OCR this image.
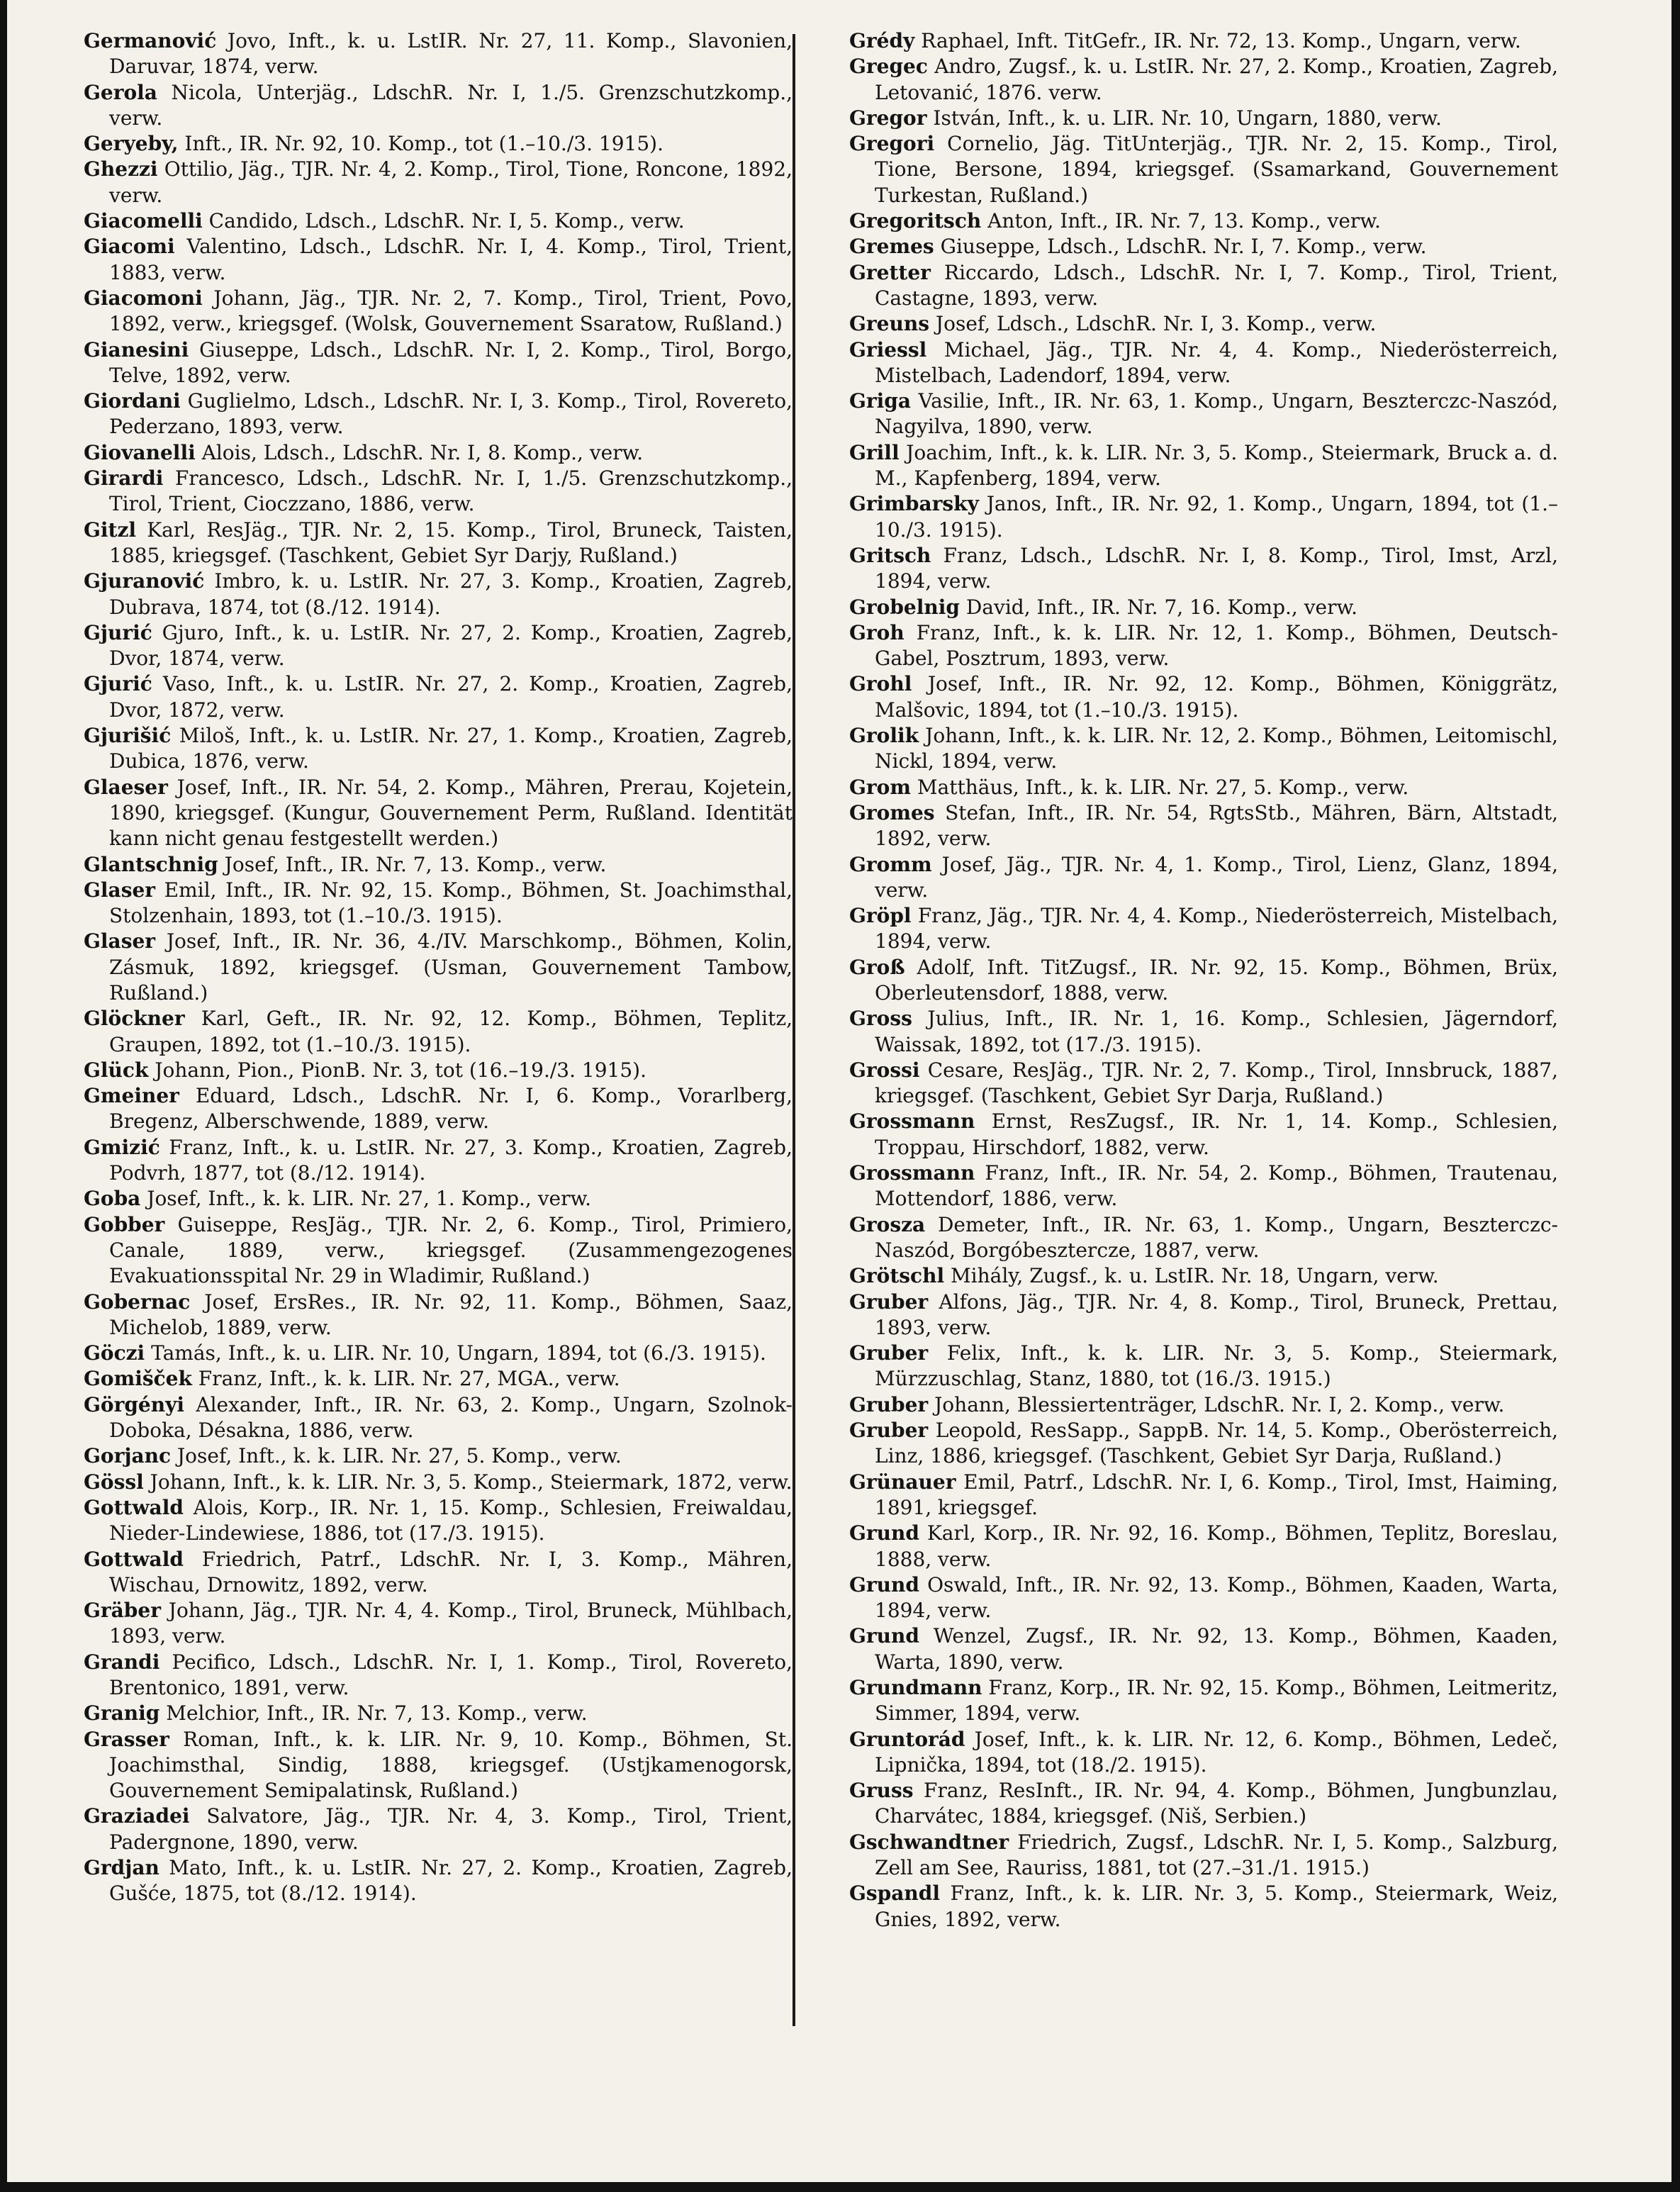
Germanović Jovo, Inft., k. u. LstIR. Nr. 27, 11. Komp., Slavonien, Daruvar, 1874, verw.

Gerola Nicola, Unterjäg., LdschR. Nr. I, 1./5. Grenzschutzkomp., verw.

Geryeby, Inft., IR. Nr. 92, 10. Komp., tot (1.–10./3. 1915).

Ghezzi Ottilio, Jäg., TJR. Nr. 4, 2. Komp., Tirol, Tione, Roncone, 1892, verw.

Giacomelli Candido, Ldsch., LdschR. Nr. I, 5. Komp., verw.

Giacomi Valentino, Ldsch., LdschR. Nr. I, 4. Komp., Tirol, Trient, 1883, verw.

Giacomoni Johann, Jäg., TJR. Nr. 2, 7. Komp., Tirol, Trient, Povo, 1892, verw., kriegsgef. (Wolsk, Gouvernement Ssaratow, Rußland.)

Gianesini Giuseppe, Ldsch., LdschR. Nr. I, 2. Komp., Tirol, Borgo, Telve, 1892, verw.

Giordani Guglielmo, Ldsch., LdschR. Nr. I, 3. Komp., Tirol, Rovereto, Pederzano, 1893, verw.

Giovanelli Alois, Ldsch., LdschR. Nr. I, 8. Komp., verw.

Girardi Francesco, Ldsch., LdschR. Nr. I, 1./5. Grenzschutzkomp., Tirol, Trient, Cioczzano, 1886, verw.

Gitzl Karl, ResJäg., TJR. Nr. 2, 15. Komp., Tirol, Bruneck, Taisten, 1885, kriegsgef. (Taschkent, Gebiet Syr Darjy, Rußland.)

Gjuranović Imbro, k. u. LstIR. Nr. 27, 3. Komp., Kroatien, Zagreb, Dubrava, 1874, tot (8./12. 1914).

Gjurić Gjuro, Inft., k. u. LstIR. Nr. 27, 2. Komp., Kroatien, Zagreb, Dvor, 1874, verw.

Gjurić Vaso, Inft., k. u. LstIR. Nr. 27, 2. Komp., Kroatien, Zagreb, Dvor, 1872, verw.

Gjurišić Miloš, Inft., k. u. LstIR. Nr. 27, 1. Komp., Kroatien, Zagreb, Dubica, 1876, verw.

Glaeser Josef, Inft., IR. Nr. 54, 2. Komp., Mähren, Prerau, Kojetein, 1890, kriegsgef. (Kungur, Gouvernement Perm, Rußland. Identität kann nicht genau festgestellt werden.)

Glantschnig Josef, Inft., IR. Nr. 7, 13. Komp., verw.

Glaser Emil, Inft., IR. Nr. 92, 15. Komp., Böhmen, St. Joachimsthal, Stolzenhain, 1893, tot (1.–10./3. 1915).

Glaser Josef, Inft., IR. Nr. 36, 4./IV. Marschkomp., Böhmen, Kolin, Zásmuk, 1892, kriegsgef. (Usman, Gouvernement Tambow, Rußland.)

Glöckner Karl, Geft., IR. Nr. 92, 12. Komp., Böhmen, Teplitz, Graupen, 1892, tot (1.–10./3. 1915).

Glück Johann, Pion., PionB. Nr. 3, tot (16.–19./3. 1915).

Gmeiner Eduard, Ldsch., LdschR. Nr. I, 6. Komp., Vorarlberg, Bregenz, Alberschwende, 1889, verw.

Gmizić Franz, Inft., k. u. LstIR. Nr. 27, 3. Komp., Kroatien, Zagreb, Podvrh, 1877, tot (8./12. 1914).

Goba Josef, Inft., k. k. LIR. Nr. 27, 1. Komp., verw.

Gobber Guiseppe, ResJäg., TJR. Nr. 2, 6. Komp., Tirol, Primiero, Canale, 1889, verw., kriegsgef. (Zusammengezogenes Evakuationsspital Nr. 29 in Wladimir, Rußland.)

Gobernac Josef, ErsRes., IR. Nr. 92, 11. Komp., Böhmen, Saaz, Michelob, 1889, verw.

Göczi Tamás, Inft., k. u. LIR. Nr. 10, Ungarn, 1894, tot (6./3. 1915).

Gomišček Franz, Inft., k. k. LIR. Nr. 27, MGA., verw.

Görgényi Alexander, Inft., IR. Nr. 63, 2. Komp., Ungarn, Szolnok-Doboka, Désakna, 1886, verw.

Gorjanc Josef, Inft., k. k. LIR. Nr. 27, 5. Komp., verw.

Gössl Johann, Inft., k. k. LIR. Nr. 3, 5. Komp., Steiermark, 1872, verw.

Gottwald Alois, Korp., IR. Nr. 1, 15. Komp., Schlesien, Freiwaldau, Nieder-Lindewiese, 1886, tot (17./3. 1915).

Gottwald Friedrich, Patrf., LdschR. Nr. I, 3. Komp., Mähren, Wischau, Drnowitz, 1892, verw.

Gräber Johann, Jäg., TJR. Nr. 4, 4. Komp., Tirol, Bruneck, Mühlbach, 1893, verw.

Grandi Pecifico, Ldsch., LdschR. Nr. I, 1. Komp., Tirol, Rovereto, Brentonico, 1891, verw.

Granig Melchior, Inft., IR. Nr. 7, 13. Komp., verw.

Grasser Roman, Inft., k. k. LIR. Nr. 9, 10. Komp., Böhmen, St. Joachimsthal, Sindig, 1888, kriegsgef. (Ustjkamenogorsk, Gouvernement Semipalatinsk, Rußland.)

Graziadei Salvatore, Jäg., TJR. Nr. 4, 3. Komp., Tirol, Trient, Padergnone, 1890, verw.

Grdjan Mato, Inft., k. u. LstIR. Nr. 27, 2. Komp., Kroatien, Zagreb, Gušće, 1875, tot (8./12. 1914).

Grédy Raphael, Inft. TitGefr., IR. Nr. 72, 13. Komp., Ungarn, verw.

Gregec Andro, Zugsf., k. u. LstIR. Nr. 27, 2. Komp., Kroatien, Zagreb, Letovanić, 1876. verw.

Gregor István, Inft., k. u. LIR. Nr. 10, Ungarn, 1880, verw.

Gregori Cornelio, Jäg. TitUnterjäg., TJR. Nr. 2, 15. Komp., Tirol, Tione, Bersone, 1894, kriegsgef. (Ssamarkand, Gouvernement Turkestan, Rußland.)

Gregoritsch Anton, Inft., IR. Nr. 7, 13. Komp., verw.

Gremes Giuseppe, Ldsch., LdschR. Nr. I, 7. Komp., verw.

Gretter Riccardo, Ldsch., LdschR. Nr. I, 7. Komp., Tirol, Trient, Castagne, 1893, verw.

Greuns Josef, Ldsch., LdschR. Nr. I, 3. Komp., verw.

Griessl Michael, Jäg., TJR. Nr. 4, 4. Komp., Niederösterreich, Mistelbach, Ladendorf, 1894, verw.

Griga Vasilie, Inft., IR. Nr. 63, 1. Komp., Ungarn, Beszterczc-Naszód, Nagyilva, 1890, verw.

Grill Joachim, Inft., k. k. LIR. Nr. 3, 5. Komp., Steiermark, Bruck a. d. M., Kapfenberg, 1894, verw.

Grimbarsky Janos, Inft., IR. Nr. 92, 1. Komp., Ungarn, 1894, tot (1.–10./3. 1915).

Gritsch Franz, Ldsch., LdschR. Nr. I, 8. Komp., Tirol, Imst, Arzl, 1894, verw.

Grobelnig David, Inft., IR. Nr. 7, 16. Komp., verw.

Groh Franz, Inft., k. k. LIR. Nr. 12, 1. Komp., Böhmen, Deutsch-Gabel, Posztrum, 1893, verw.

Grohl Josef, Inft., IR. Nr. 92, 12. Komp., Böhmen, Königgrätz, Malšovic, 1894, tot (1.–10./3. 1915).

Grolik Johann, Inft., k. k. LIR. Nr. 12, 2. Komp., Böhmen, Leitomischl, Nickl, 1894, verw.

Grom Matthäus, Inft., k. k. LIR. Nr. 27, 5. Komp., verw.

Gromes Stefan, Inft., IR. Nr. 54, RgtsStb., Mähren, Bärn, Altstadt, 1892, verw.

Gromm Josef, Jäg., TJR. Nr. 4, 1. Komp., Tirol, Lienz, Glanz, 1894, verw.

Gröpl Franz, Jäg., TJR. Nr. 4, 4. Komp., Niederösterreich, Mistelbach, 1894, verw.

Groß Adolf, Inft. TitZugsf., IR. Nr. 92, 15. Komp., Böhmen, Brüx, Oberleutensdorf, 1888, verw.

Gross Julius, Inft., IR. Nr. 1, 16. Komp., Schlesien, Jägerndorf, Waissak, 1892, tot (17./3. 1915).

Grossi Cesare, ResJäg., TJR. Nr. 2, 7. Komp., Tirol, Innsbruck, 1887, kriegsgef. (Taschkent, Gebiet Syr Darja, Rußland.)

Grossmann Ernst, ResZugsf., IR. Nr. 1, 14. Komp., Schlesien, Troppau, Hirschdorf, 1882, verw.

Grossmann Franz, Inft., IR. Nr. 54, 2. Komp., Böhmen, Trautenau, Mottendorf, 1886, verw.

Grosza Demeter, Inft., IR. Nr. 63, 1. Komp., Ungarn, Beszterczc-Naszód, Borgóbesztercze, 1887, verw.

Grötschl Mihály, Zugsf., k. u. LstIR. Nr. 18, Ungarn, verw.

Gruber Alfons, Jäg., TJR. Nr. 4, 8. Komp., Tirol, Bruneck, Prettau, 1893, verw.

Gruber Felix, Inft., k. k. LIR. Nr. 3, 5. Komp., Steiermark, Mürzzuschlag, Stanz, 1880, tot (16./3. 1915.)

Gruber Johann, Blessiertenträger, LdschR. Nr. I, 2. Komp., verw.

Gruber Leopold, ResSapp., SappB. Nr. 14, 5. Komp., Oberösterreich, Linz, 1886, kriegsgef. (Taschkent, Gebiet Syr Darja, Rußland.)

Grünauer Emil, Patrf., LdschR. Nr. I, 6. Komp., Tirol, Imst, Haiming, 1891, kriegsgef.

Grund Karl, Korp., IR. Nr. 92, 16. Komp., Böhmen, Teplitz, Boreslau, 1888, verw.

Grund Oswald, Inft., IR. Nr. 92, 13. Komp., Böhmen, Kaaden, Warta, 1894, verw.

Grund Wenzel, Zugsf., IR. Nr. 92, 13. Komp., Böhmen, Kaaden, Warta, 1890, verw.

Grundmann Franz, Korp., IR. Nr. 92, 15. Komp., Böhmen, Leitmeritz, Simmer, 1894, verw.

Gruntorád Josef, Inft., k. k. LIR. Nr. 12, 6. Komp., Böhmen, Ledeč, Lipnička, 1894, tot (18./2. 1915).

Gruss Franz, ResInft., IR. Nr. 94, 4. Komp., Böhmen, Jungbunzlau, Charvátec, 1884, kriegsgef. (Niš, Serbien.)

Gschwandtner Friedrich, Zugsf., LdschR. Nr. I, 5. Komp., Salzburg, Zell am See, Rauriss, 1881, tot (27.–31./1. 1915.)

Gspandl Franz, Inft., k. k. LIR. Nr. 3, 5. Komp., Steiermark, Weiz, Gnies, 1892, verw.
